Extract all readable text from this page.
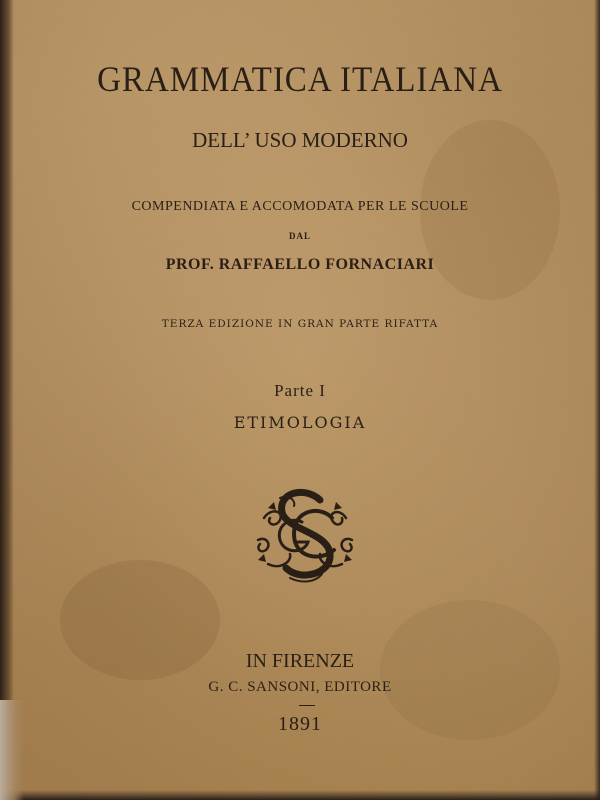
GRAMMATICA ITALIANA
DELL’ USO MODERNO
COMPENDIATA E ACCOMODATA PER LE SCUOLE
DAL
PROF. RAFFAELLO FORNACIARI
TERZA EDIZIONE IN GRAN PARTE RIFATTA
Parte I
ETIMOLOGIA
IN FIRENZE
G. C. SANSONI, EDITORE
1891
